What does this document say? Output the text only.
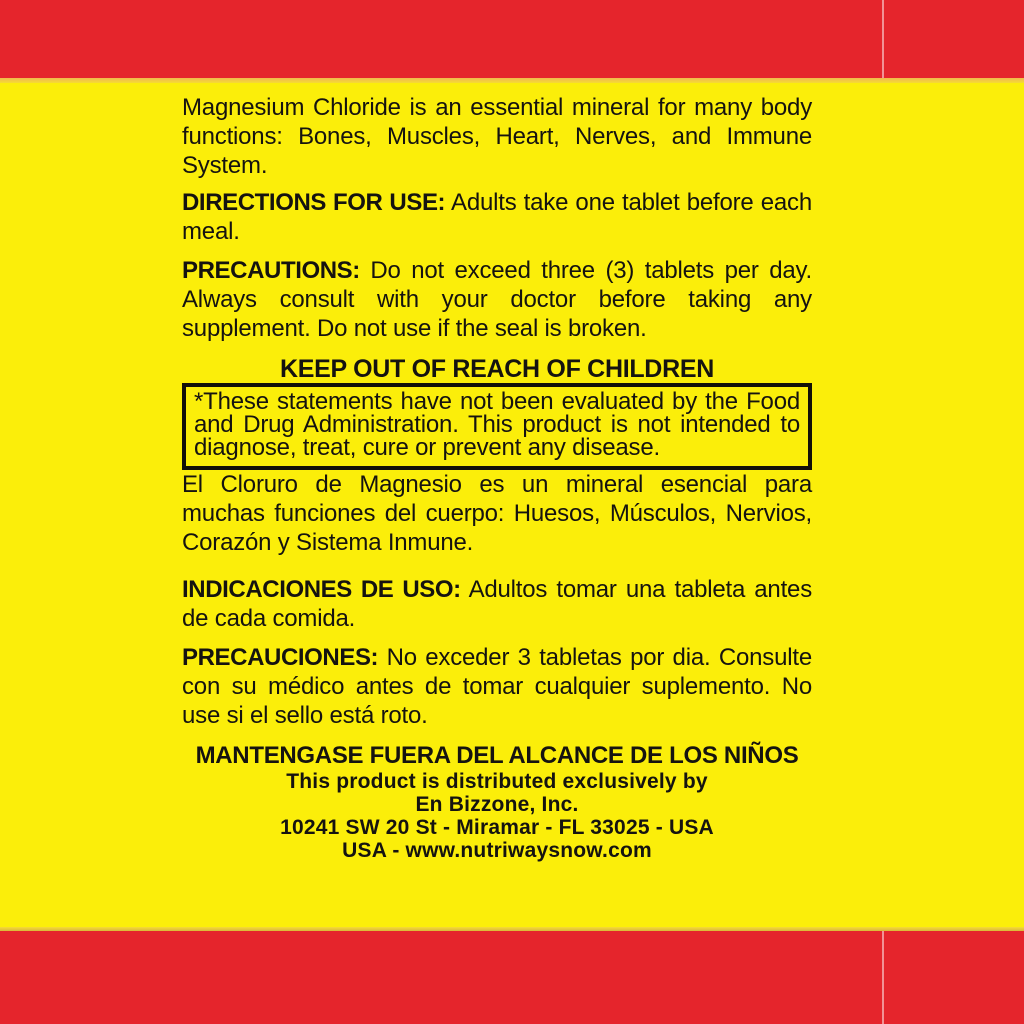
Magnesium Chloride is an essential mineral for many body functions: Bones, Muscles, Heart, Nerves, and Immune System.

DIRECTIONS FOR USE: Adults take one tablet before each meal.

PRECAUTIONS: Do not exceed three (3) tablets per day. Always consult with your doctor before taking any supplement. Do not use if the seal is broken.

KEEP OUT OF REACH OF CHILDREN

*These statements have not been evaluated by the Food and Drug Administration. This product is not intended to diagnose, treat, cure or prevent any disease.

El Cloruro de Magnesio es un mineral esencial para muchas funciones del cuerpo: Huesos, Músculos, Nervios, Corazón y Sistema Inmune.

INDICACIONES DE USO: Adultos tomar una tableta antes de cada comida.

PRECAUCIONES: No exceder 3 tabletas por dia. Consulte con su médico antes de tomar cualquier suplemento. No use si el sello está roto.

MANTENGASE FUERA DEL ALCANCE DE LOS NIÑOS

This product is distributed exclusively by
En Bizzone, Inc.
10241 SW 20 St - Miramar - FL 33025 - USA
USA - www.nutriwaysnow.com
